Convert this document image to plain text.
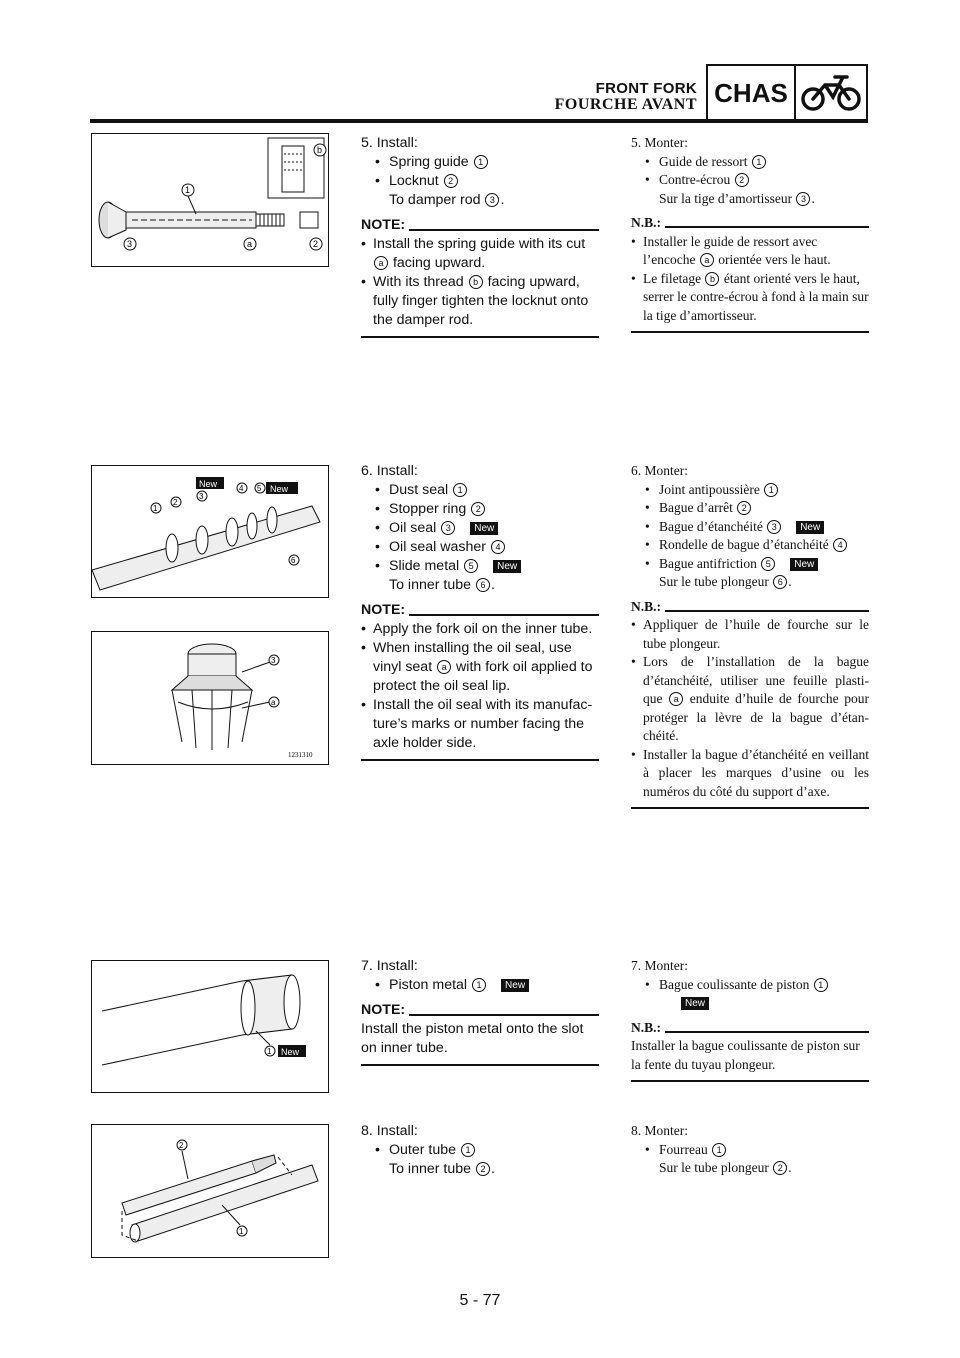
FRONT FORK
FOURCHE AVANT CHAS
1
3	a	2
b
New	New
1
2
3
4 5
6
3
a
1231310
1 New
2
1
5. Install:
• Spring guide 1
• Locknut 2
To damper rod 3 .
NOTE:
• Install the spring guide with its cut a facing upward.
• With its thread b facing upward, fully finger tighten the locknut onto the damper rod.
6. Install:
• Dust seal 1
• Stopper ring 2
• Oil seal 3 New
• Oil seal washer 4
• Slide metal 5 New
To inner tube 6 .
NOTE:
• Apply the fork oil on the inner tube.
• When installing the oil seal, use vinyl seat a with fork oil applied to protect the oil seal lip.
• Install the oil seal with its manufac-ture’s marks or number facing the axle holder side.
7. Install:
• Piston metal 1 New
NOTE:
Install the piston metal onto the slot on inner tube.
8. Install:
• Outer tube 1
To inner tube 2 .
5. Monter:
• Guide de ressort 1
• Contre-écrou 2
Sur la tige d’amortisseur 3 .
N.B.:
• Installer le guide de ressort avec l’encoche a orientée vers le haut.
• Le filetage b étant orienté vers le haut, serrer le contre-écrou à fond à la main sur la tige d’amortisseur.
6. Monter:
• Joint antipoussière 1
• Bague d’arrêt 2
• Bague d’étanchéité 3 New
• Rondelle de bague d’étanchéité 4
• Bague antifriction 5 New
Sur le tube plongeur 6 .
N.B.:
• Appliquer de l’huile de fourche sur le tube plongeur.
• Lors de l’installation de la bague d’étanchéité, utiliser une feuille plasti-que a enduite d’huile de fourche pour protéger la lèvre de la bague d’étan-chéité.
• Installer la bague d’étanchéité en veillant à placer les marques d’usine ou les numéros du côté du support d’axe.
7. Monter:
• Bague coulissante de piston 1
New
N.B.:
Installer la bague coulissante de piston sur la fente du tuyau plongeur.
8. Monter:
• Fourreau 1
Sur le tube plongeur 2 .
5 - 77
